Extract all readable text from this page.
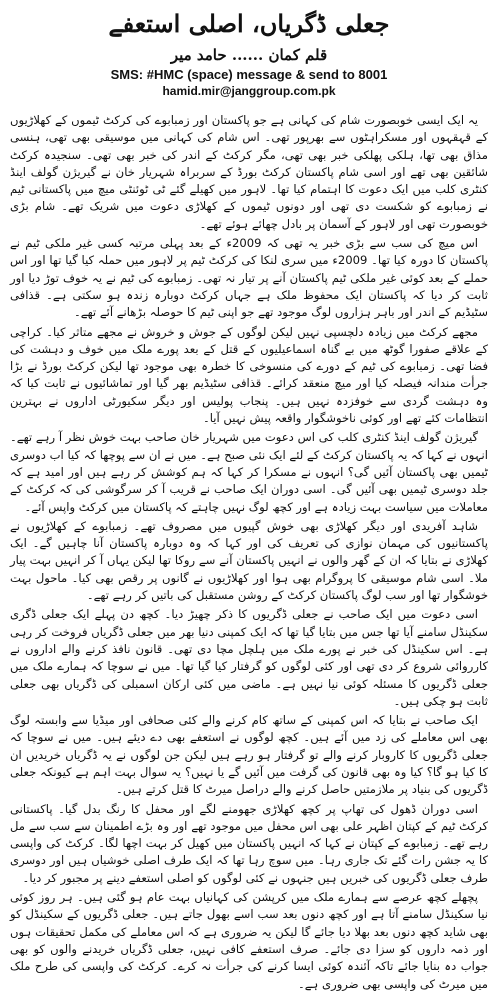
جعلی ڈگریاں، اصلی استعفے
قلم کمان ...... حامد میر
SMS: #HMC (space) message & send to 8001
hamid.mir@janggroup.com.pk

یہ ایک ایسی خوبصورت شام کی کہانی ہے جو پاکستان اور زمبابوے کی کرکٹ ٹیموں کے کھلاڑیوں کے قہقہوں اور مسکراہٹوں سے بھرپور تھی۔ اس شام کی کہانی میں موسیقی بھی تھی، ہنسی مذاق بھی تھا، ہلکی پھلکی خبر بھی تھی، مگر کرکٹ کے اندر کی خبر بھی تھی۔ سنجیدہ کرکٹ شائقین بھی تھے اور اسی شام پاکستان کرکٹ بورڈ کے سربراہ شہریار خان نے گیریژن گولف اینڈ کنٹری کلب میں ایک دعوت کا اہتمام کیا تھا۔ لاہور میں کھیلے گئے ٹی ٹوئنٹی میچ میں پاکستانی ٹیم نے زمبابوے کو شکست دی تھی اور دونوں ٹیموں کے کھلاڑی دعوت میں شریک تھے۔ شام بڑی خوبصورت تھی اور لاہور کے آسمان پر بادل چھائے ہوئے تھے۔

اس میچ کی سب سے بڑی خبر یہ تھی کہ 2009ء کے بعد پہلی مرتبہ کسی غیر ملکی ٹیم نے پاکستان کا دورہ کیا تھا۔ 2009ء میں سری لنکا کی کرکٹ ٹیم پر لاہور میں حملہ کیا گیا تھا اور اس حملے کے بعد کوئی غیر ملکی ٹیم پاکستان آنے پر تیار نہ تھی۔ زمبابوے کی ٹیم نے یہ خوف توڑ دیا اور ثابت کر دیا کہ پاکستان ایک محفوظ ملک ہے جہاں کرکٹ دوبارہ زندہ ہو سکتی ہے۔ قذافی سٹیڈیم کے اندر اور باہر ہزاروں لوگ موجود تھے جو اپنی ٹیم کا حوصلہ بڑھانے آئے تھے۔

مجھے کرکٹ میں زیادہ دلچسپی نہیں لیکن لوگوں کے جوش و خروش نے مجھے متاثر کیا۔ کراچی کے علاقے صفورا گوٹھ میں بے گناہ اسماعیلیوں کے قتل کے بعد پورے ملک میں خوف و دہشت کی فضا تھی۔ زمبابوے کی ٹیم کے دورے کی منسوخی کا خطرہ بھی موجود تھا لیکن کرکٹ بورڈ نے بڑا جرأت مندانہ فیصلہ کیا اور میچ منعقد کرائے۔ قذافی سٹیڈیم بھر گیا اور تماشائیوں نے ثابت کیا کہ وہ دہشت گردی سے خوفزدہ نہیں ہیں۔ پنجاب پولیس اور دیگر سکیورٹی اداروں نے بہترین انتظامات کئے تھے اور کوئی ناخوشگوار واقعہ پیش نہیں آیا۔

گیریژن گولف اینڈ کنٹری کلب کی اس دعوت میں شہریار خان صاحب بہت خوش نظر آ رہے تھے۔ انہوں نے کہا کہ یہ پاکستان کرکٹ کے لئے ایک نئی صبح ہے۔ میں نے ان سے پوچھا کہ کیا اب دوسری ٹیمیں بھی پاکستان آئیں گی؟ انہوں نے مسکرا کر کہا کہ ہم کوشش کر رہے ہیں اور امید ہے کہ جلد دوسری ٹیمیں بھی آئیں گی۔ اسی دوران ایک صاحب نے قریب آ کر سرگوشی کی کہ کرکٹ کے معاملات میں سیاست بہت زیادہ ہے اور کچھ لوگ نہیں چاہتے کہ پاکستان میں کرکٹ واپس آئے۔

شاہد آفریدی اور دیگر کھلاڑی بھی خوش گپیوں میں مصروف تھے۔ زمبابوے کے کھلاڑیوں نے پاکستانیوں کی مہمان نوازی کی تعریف کی اور کہا کہ وہ دوبارہ پاکستان آنا چاہیں گے۔ ایک کھلاڑی نے بتایا کہ ان کے گھر والوں نے انہیں پاکستان آنے سے روکا تھا لیکن یہاں آ کر انہیں بہت پیار ملا۔ اسی شام موسیقی کا پروگرام بھی ہوا اور کھلاڑیوں نے گانوں پر رقص بھی کیا۔ ماحول بہت خوشگوار تھا اور سب لوگ پاکستان کرکٹ کے روشن مستقبل کی باتیں کر رہے تھے۔

اسی دعوت میں ایک صاحب نے جعلی ڈگریوں کا ذکر چھیڑ دیا۔ کچھ دن پہلے ایک جعلی ڈگری سکینڈل سامنے آیا تھا جس میں بتایا گیا تھا کہ ایک کمپنی دنیا بھر میں جعلی ڈگریاں فروخت کر رہی ہے۔ اس سکینڈل کی خبر نے پورے ملک میں ہلچل مچا دی تھی۔ قانون نافذ کرنے والے اداروں نے کارروائی شروع کر دی تھی اور کئی لوگوں کو گرفتار کیا گیا تھا۔ میں نے سوچا کہ ہمارے ملک میں جعلی ڈگریوں کا مسئلہ کوئی نیا نہیں ہے۔ ماضی میں کئی ارکان اسمبلی کی ڈگریاں بھی جعلی ثابت ہو چکی ہیں۔

ایک صاحب نے بتایا کہ اس کمپنی کے ساتھ کام کرنے والے کئی صحافی اور میڈیا سے وابستہ لوگ بھی اس معاملے کی زد میں آئے ہیں۔ کچھ لوگوں نے استعفے بھی دے دیئے ہیں۔ میں نے سوچا کہ جعلی ڈگریوں کا کاروبار کرنے والے تو گرفتار ہو رہے ہیں لیکن جن لوگوں نے یہ ڈگریاں خریدیں ان کا کیا ہو گا؟ کیا وہ بھی قانون کی گرفت میں آئیں گے یا نہیں؟ یہ سوال بہت اہم ہے کیونکہ جعلی ڈگریوں کی بنیاد پر ملازمتیں حاصل کرنے والے دراصل میرٹ کا قتل کرتے ہیں۔

اسی دوران ڈھول کی تھاپ پر کچھ کھلاڑی جھومنے لگے اور محفل کا رنگ بدل گیا۔ پاکستانی کرکٹ ٹیم کے کپتان اظہر علی بھی اس محفل میں موجود تھے اور وہ بڑے اطمینان سے سب سے مل رہے تھے۔ زمبابوے کے کپتان نے کہا کہ انہیں پاکستان میں کھیل کر بہت اچھا لگا۔ کرکٹ کی واپسی کا یہ جشن رات گئے تک جاری رہا۔ میں سوچ رہا تھا کہ ایک طرف اصلی خوشیاں ہیں اور دوسری طرف جعلی ڈگریوں کی خبریں ہیں جنہوں نے کئی لوگوں کو اصلی استعفے دینے پر مجبور کر دیا۔

پچھلے کچھ عرصے سے ہمارے ملک میں کرپشن کی کہانیاں بہت عام ہو گئی ہیں۔ ہر روز کوئی نیا سکینڈل سامنے آتا ہے اور کچھ دنوں بعد سب اسے بھول جاتے ہیں۔ جعلی ڈگریوں کے سکینڈل کو بھی شاید کچھ دنوں بعد بھلا دیا جائے گا لیکن یہ ضروری ہے کہ اس معاملے کی مکمل تحقیقات ہوں اور ذمہ داروں کو سزا دی جائے۔ صرف استعفے کافی نہیں، جعلی ڈگریاں خریدنے والوں کو بھی جواب دہ بنایا جائے تاکہ آئندہ کوئی ایسا کرنے کی جرأت نہ کرے۔ کرکٹ کی واپسی کی طرح ملک میں میرٹ کی واپسی بھی ضروری ہے۔
